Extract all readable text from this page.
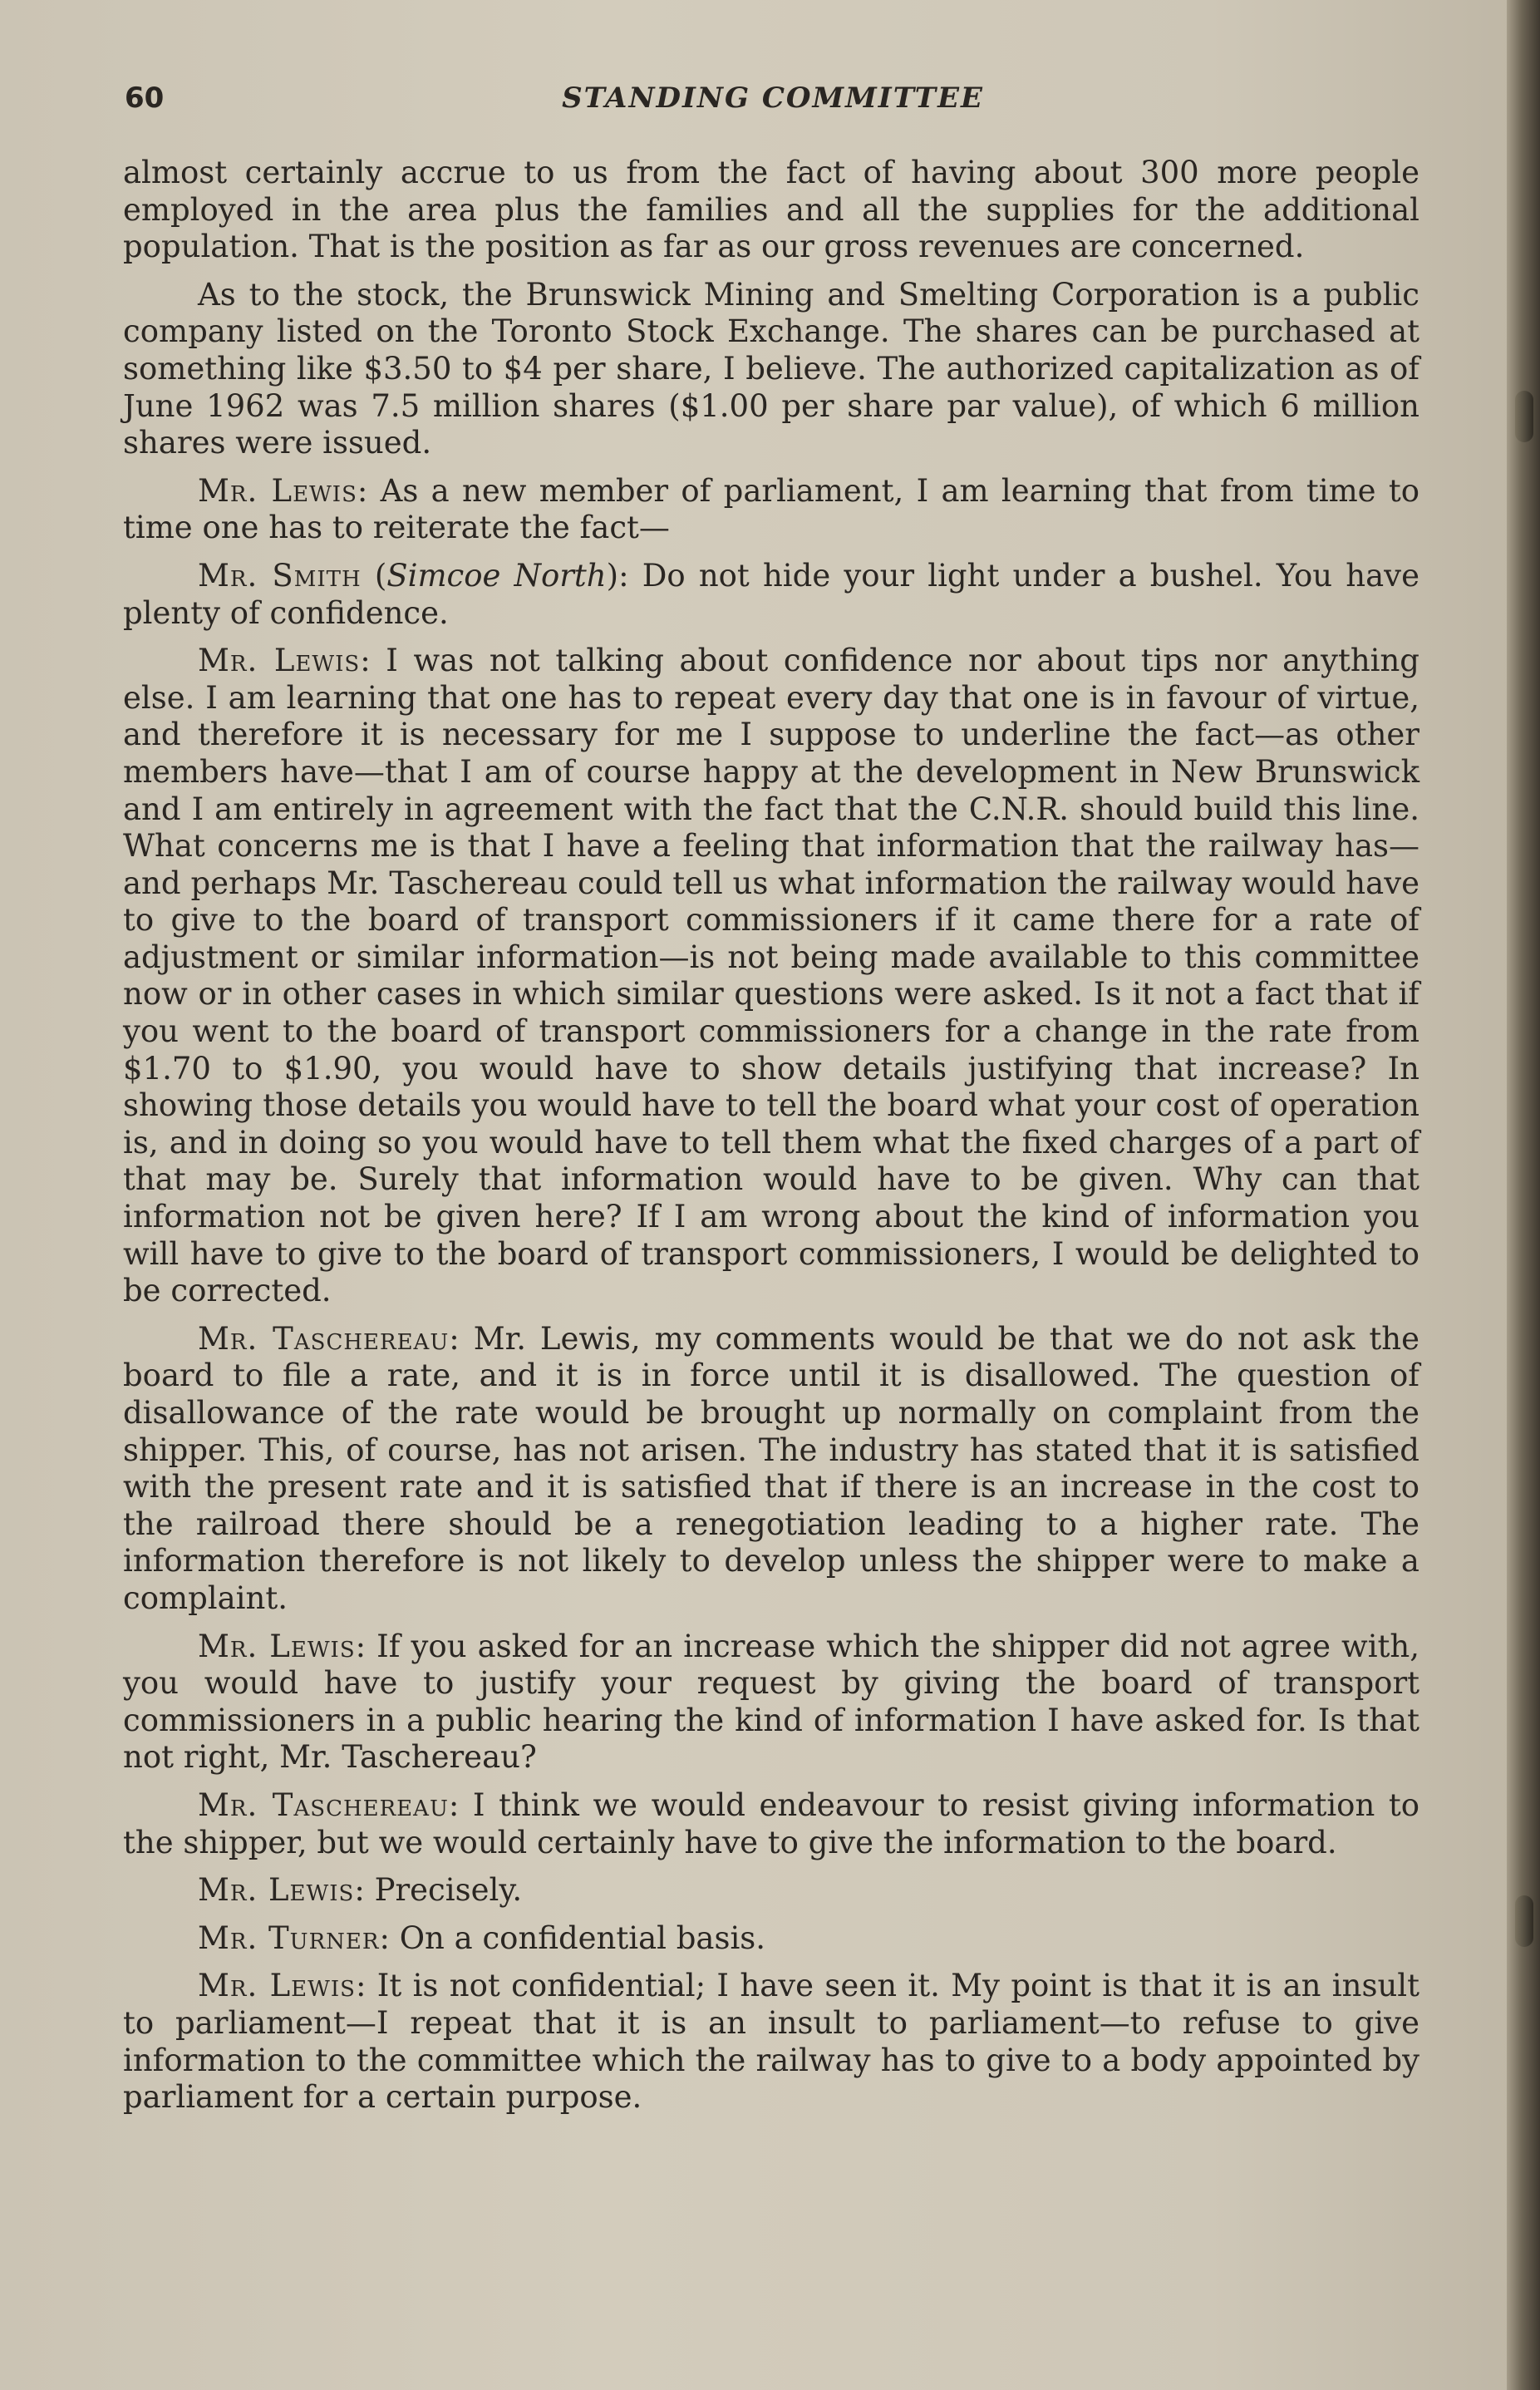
60	STANDING COMMITTEE

almost certainly accrue to us from the fact of having about 300 more people employed in the area plus the families and all the supplies for the additional population. That is the position as far as our gross revenues are concerned.

As to the stock, the Brunswick Mining and Smelting Corporation is a public company listed on the Toronto Stock Exchange. The shares can be purchased at something like $3.50 to $4 per share, I believe. The authorized capitalization as of June 1962 was 7.5 million shares ($1.00 per share par value), of which 6 million shares were issued.

Mr. Lewis: As a new member of parliament, I am learning that from time to time one has to reiterate the fact—

Mr. Smith (Simcoe North): Do not hide your light under a bushel. You have plenty of confidence.

Mr. Lewis: I was not talking about confidence nor about tips nor anything else. I am learning that one has to repeat every day that one is in favour of virtue, and therefore it is necessary for me I suppose to underline the fact—as other members have—that I am of course happy at the development in New Brunswick and I am entirely in agreement with the fact that the C.N.R. should build this line. What concerns me is that I have a feeling that information that the railway has—and perhaps Mr. Taschereau could tell us what information the railway would have to give to the board of transport commissioners if it came there for a rate of adjustment or similar information—is not being made available to this committee now or in other cases in which similar questions were asked. Is it not a fact that if you went to the board of transport commissioners for a change in the rate from $1.70 to $1.90, you would have to show details justifying that increase? In showing those details you would have to tell the board what your cost of operation is, and in doing so you would have to tell them what the fixed charges of a part of that may be. Surely that information would have to be given. Why can that information not be given here? If I am wrong about the kind of information you will have to give to the board of transport commissioners, I would be delighted to be corrected.

Mr. Taschereau: Mr. Lewis, my comments would be that we do not ask the board to file a rate, and it is in force until it is disallowed. The question of disallowance of the rate would be brought up normally on complaint from the shipper. This, of course, has not arisen. The industry has stated that it is satisfied with the present rate and it is satisfied that if there is an increase in the cost to the railroad there should be a renegotiation leading to a higher rate. The information therefore is not likely to develop unless the shipper were to make a complaint.

Mr. Lewis: If you asked for an increase which the shipper did not agree with, you would have to justify your request by giving the board of transport commissioners in a public hearing the kind of information I have asked for. Is that not right, Mr. Taschereau?

Mr. Taschereau: I think we would endeavour to resist giving information to the shipper, but we would certainly have to give the information to the board.

Mr. Lewis: Precisely.

Mr. Turner: On a confidential basis.

Mr. Lewis: It is not confidential; I have seen it. My point is that it is an insult to parliament—I repeat that it is an insult to parliament—to refuse to give information to the committee which the railway has to give to a body appointed by parliament for a certain purpose.
